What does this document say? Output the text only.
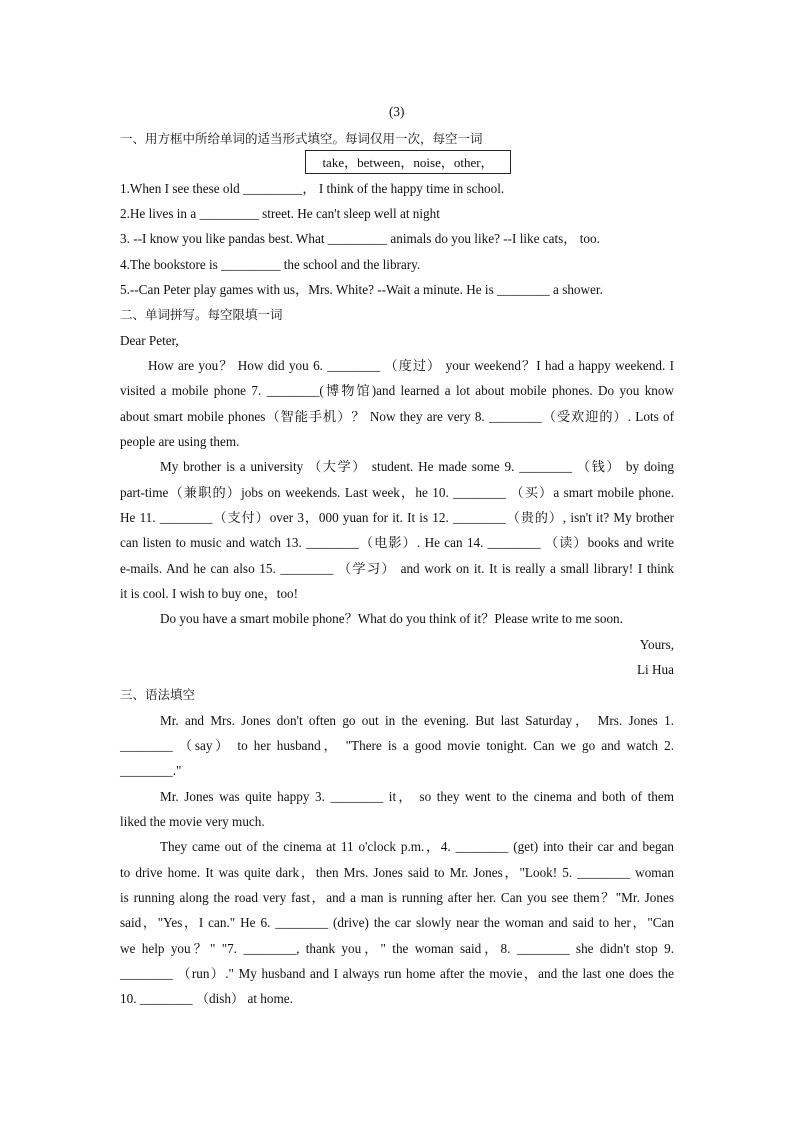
(3)
一、用方框中所给单词的适当形式填空。每词仅用一次，每空一词
take，between，noise，other，
1.When I see these old _________， I think of the happy time in school.
2.He lives in a _________ street. He can't sleep well at night
3. --I know you like pandas best. What _________ animals do you like? --I like cats， too.
4.The bookstore is _________ the school and the library.
5.--Can Peter play games with us，Mrs. White? --Wait a minute. He is ________ a shower.
二、单词拼写。每空限填一词
Dear Peter,
How are you？ How did you 6. ________ （度过） your weekend？I had a happy weekend. I
visited a mobile phone 7. ________(博物馆)and learned a lot about mobile phones. Do you know
about smart mobile phones（智能手机）？ Now they are very 8. ________（受欢迎的）. Lots of
people are using them.
My brother is a university （大学） student. He made some 9. ________ （钱） by doing
part-time（兼职的）jobs on weekends. Last week，he 10. ________ （买）a smart mobile phone.
He 11. ________（支付）over 3，000 yuan for it. It is 12. ________（贵的）, isn't it? My brother
can listen to music and watch 13. ________（电影）. He can 14. ________ （读）books and write
e-mails. And he can also 15. ________ （学习） and work on it. It is really a small library! I think
it is cool. I wish to buy one，too!
Do you have a smart mobile phone？What do you think of it？Please write to me soon.
Yours,
Li Hua
三、语法填空
Mr. and Mrs. Jones don't often go out in the evening. But last Saturday， Mrs. Jones 1.
________ （say） to her husband， "There is a good movie tonight. Can we go and watch 2.
________."
Mr. Jones was quite happy 3. ________ it， so they went to the cinema and both of them
liked the movie very much.
They came out of the cinema at 11 o'clock p.m.，4. ________ (get) into their car and began
to drive home. It was quite dark，then Mrs. Jones said to Mr. Jones，"Look! 5. ________ woman
is running along the road very fast，and a man is running after her. Can you see them？"Mr. Jones
said，"Yes，I can." He 6. ________ (drive) the car slowly near the woman and said to her，"Can
we help you？" "7. ________, thank you，" the woman said，8. ________ she didn't stop 9.
________ （run）." My husband and I always run home after the movie，and the last one does the
10. ________ （dish） at home.
